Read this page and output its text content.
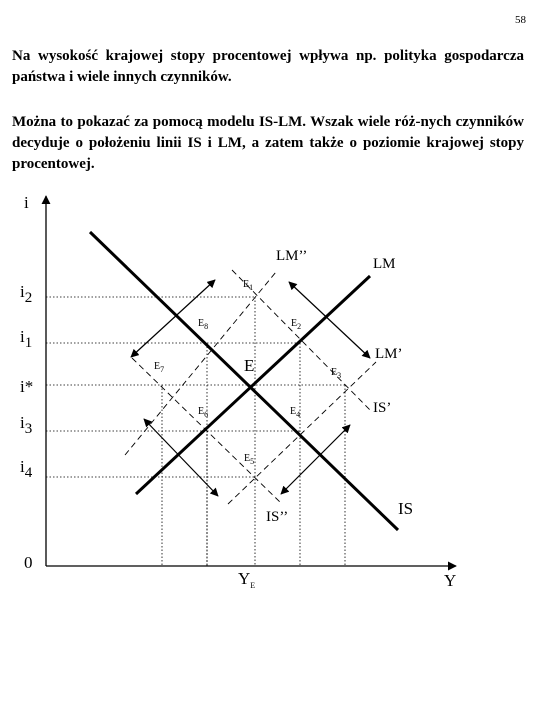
58
Na wysokość krajowej stopy procentowej wpływa np. polityka gospodarcza państwa i wiele innych czynników.
Można to pokazać za pomocą modelu IS-LM. Wszak wiele róż-nych czynników decyduje o położeniu linii IS i LM, a zatem także o poziomie krajowej stopy procentowej.
i
Y
0
$Y_E$
i2
i1
i*
i3
i4
LM
LM’’
LM’
IS
IS’
IS’’
E
$E_1$
$E_2$
$E_3$
$E_4$
$E_5$
$E_6$
$E_7$
$E_8$
